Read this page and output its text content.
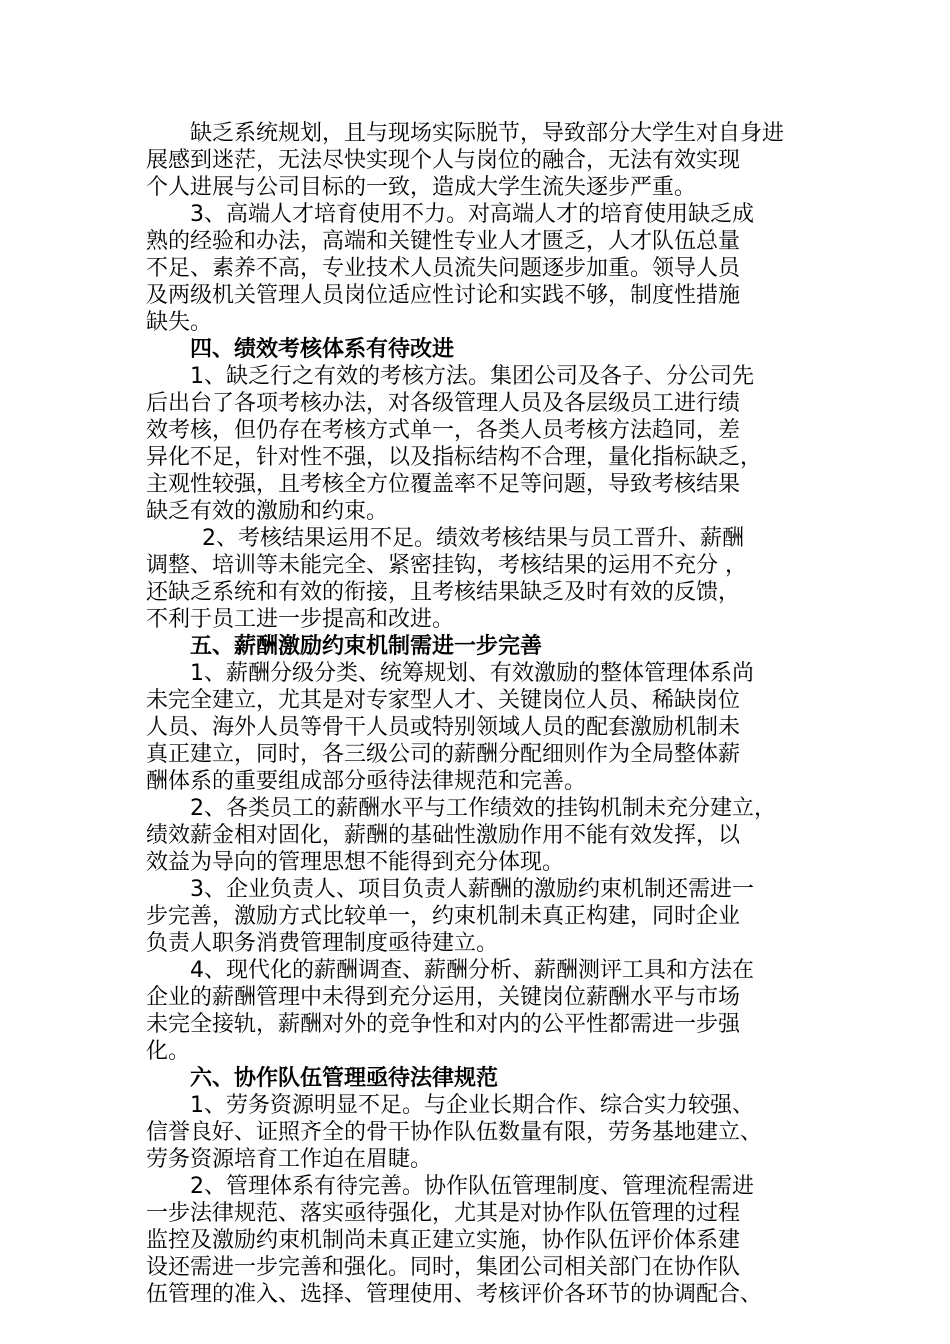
缺乏系统规划，且与现场实际脱节，导致部分大学生对自身进
展感到迷茫，无法尽快实现个人与岗位的融合，无法有效实现
个人进展与公司目标的一致，造成大学生流失逐步严重。
3、高端人才培育使用不力。对高端人才的培育使用缺乏成
熟的经验和办法，高端和关键性专业人才匮乏，人才队伍总量
不足、素养不高，专业技术人员流失问题逐步加重。领导人员
及两级机关管理人员岗位适应性讨论和实践不够，制度性措施
缺失。
四、绩效考核体系有待改进
1、缺乏行之有效的考核方法。集团公司及各子、分公司先
后出台了各项考核办法，对各级管理人员及各层级员工进行绩
效考核，但仍存在考核方式单一，各类人员考核方法趋同，差
异化不足，针对性不强，以及指标结构不合理，量化指标缺乏，
主观性较强，且考核全方位覆盖率不足等问题，导致考核结果
缺乏有效的激励和约束。
2、考核结果运用不足。绩效考核结果与员工晋升、薪酬
调整、培训等未能完全、紧密挂钩，考核结果的运用不充分 ，
还缺乏系统和有效的衔接，且考核结果缺乏及时有效的反馈，
不利于员工进一步提高和改进。
五、薪酬激励约束机制需进一步完善
1、薪酬分级分类、统筹规划、有效激励的整体管理体系尚
未完全建立，尤其是对专家型人才、关键岗位人员、稀缺岗位
人员、海外人员等骨干人员或特别领域人员的配套激励机制未
真正建立，同时，各三级公司的薪酬分配细则作为全局整体薪
酬体系的重要组成部分亟待法律规范和完善。
2、各类员工的薪酬水平与工作绩效的挂钩机制未充分建立，
绩效薪金相对固化，薪酬的基础性激励作用不能有效发挥，以
效益为导向的管理思想不能得到充分体现。
3、企业负责人、项目负责人薪酬的激励约束机制还需进一
步完善，激励方式比较单一，约束机制未真正构建，同时企业
负责人职务消费管理制度亟待建立。
4、现代化的薪酬调查、薪酬分析、薪酬测评工具和方法在
企业的薪酬管理中未得到充分运用，关键岗位薪酬水平与市场
未完全接轨，薪酬对外的竞争性和对内的公平性都需进一步强
化。
六、协作队伍管理亟待法律规范
1、劳务资源明显不足。与企业长期合作、综合实力较强、
信誉良好、证照齐全的骨干协作队伍数量有限，劳务基地建立、
劳务资源培育工作迫在眉睫。
2、管理体系有待完善。协作队伍管理制度、管理流程需进
一步法律规范、落实亟待强化，尤其是对协作队伍管理的过程
监控及激励约束机制尚未真正建立实施，协作队伍评价体系建
设还需进一步完善和强化。同时，集团公司相关部门在协作队
伍管理的准入、选择、管理使用、考核评价各环节的协调配合、
